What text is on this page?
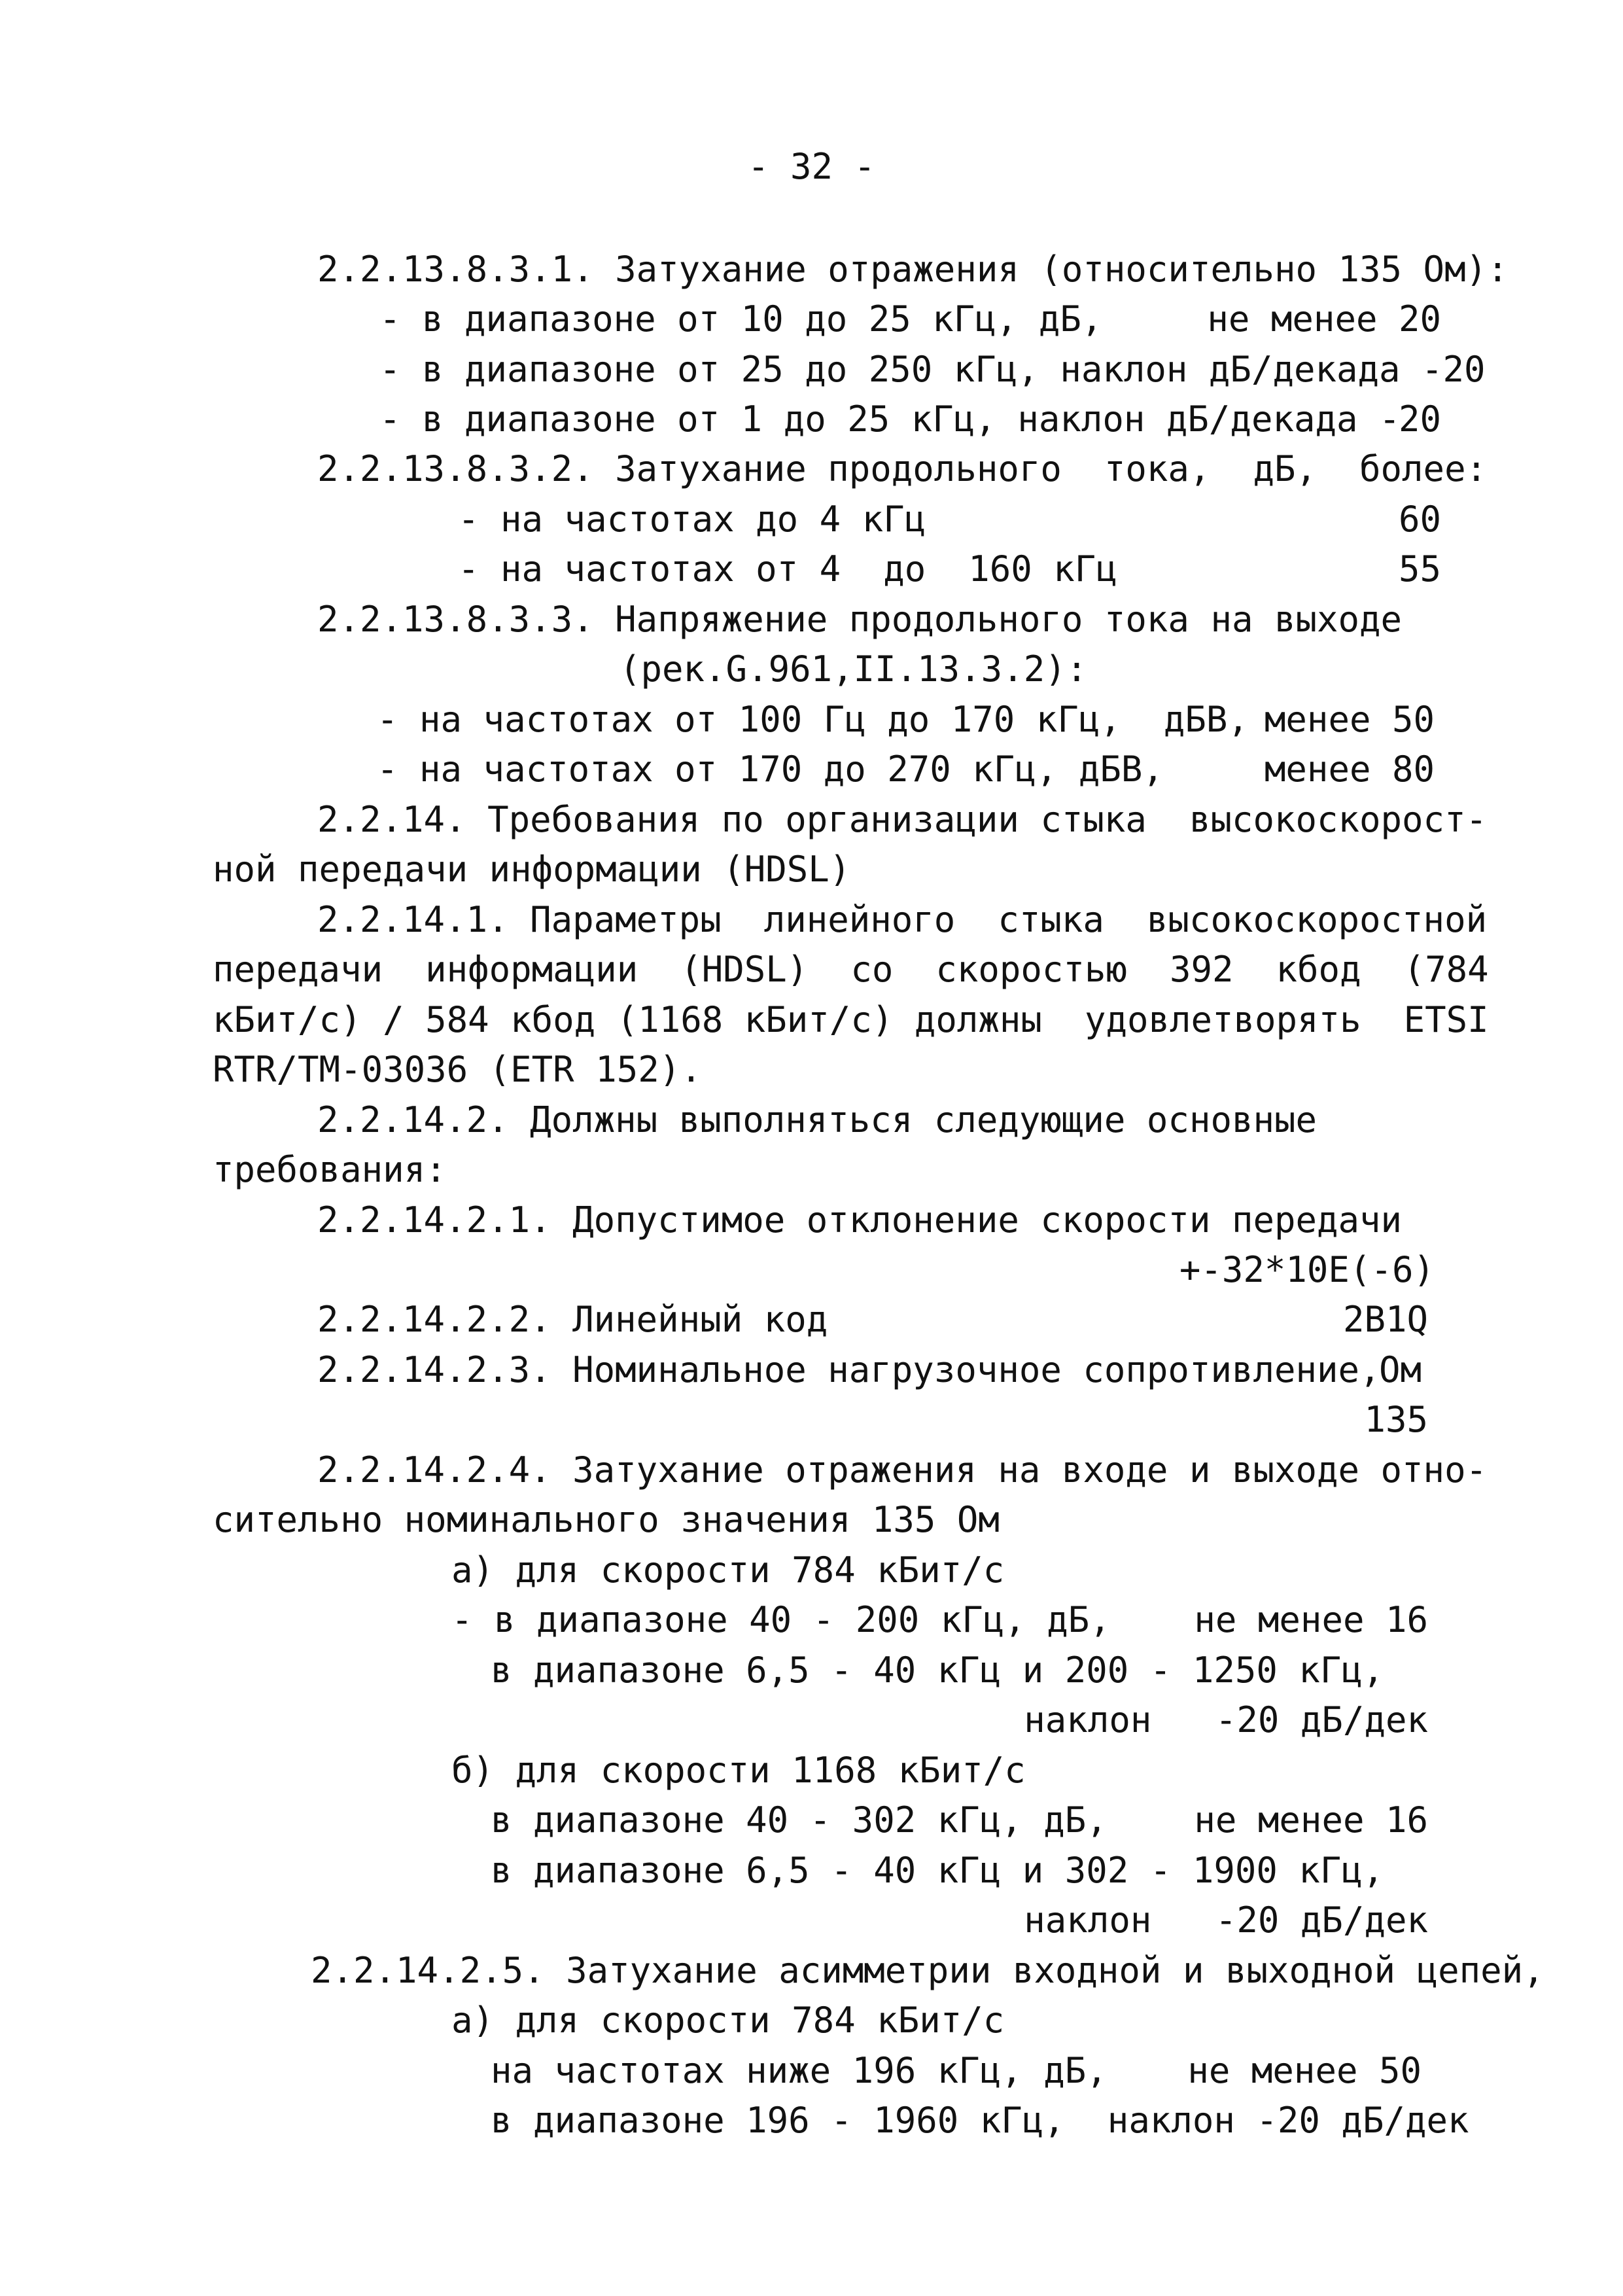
- 32 -
2.2.13.8.3.1. Затухание отражения (относительно 135 Ом):
- в диапазоне от 10 до 25 кГц, дБ,	не менее 20
- в диапазоне от 25 до 250 кГц, наклон дБ/декада -20
- в диапазоне от 1 до 25 кГц, наклон дБ/декада -
20
2.2.13.8.3.2. Затухание продольного  тока,  дБ,  более:
- на частотах до 4 кГц	60
- на частотах от 4  до  160 кГц	55
2.2.13.8.3.3. Напряжение продольного тока на выходе
(рек.G.961,II.13.3.2):
- на частотах от 100 Гц до 170 кГц,  дБВ, менее 50
- на частотах от 170 до 270 кГц, дБВ,	менее 80
2.2.14. Требования по организации стыка  высокоскорост-
ной передачи информации (HDSL)
2.2.14.1. Параметры  линейного  стыка  высокоскоростной
передачи  информации  (HDSL)  со  скоростью  392  кбод  (784
кБит/с) / 584 кбод (1168 кБит/с) должны  удовлетворять  ETSI
RTR/TM-03036 (ETR 152).
2.2.14.2. Должны выполняться следующие основные
требования:
2.2.14.2.1. Допустимое отклонение скорости передачи
+-32*10E(-6)
2.2.14.2.2. Линейный код	2B1Q
2.2.14.2.3. Номинальное нагрузочное сопротивление,
Ом
135
2.2.14.2.4. Затухание отражения на входе и выходе отно-
сительно номинального значения 135 Ом
а) для скорости 784 кБит/с
- в диапазоне 40 - 200 кГц, дБ, не менее 16
в диапазоне 6,5 - 40 кГц и 200 - 1250 кГц,
наклон   -20 дБ/дек
б) для скорости 1168 кБит/с
в диапазоне 40 - 302 кГц, дБ, не менее 16
в диапазоне 6,5 - 40 кГц и 302 - 1900 кГц,
наклон   -20 дБ/дек
2.2.14.2.5. Затухание асимметрии входной и выходной цепей,
а) для скорости 784 кБит/с
на частотах ниже 196 кГц, дБ, не менее 50
в диапазоне 196 - 1960 кГц,  наклон -20 дБ/дек
